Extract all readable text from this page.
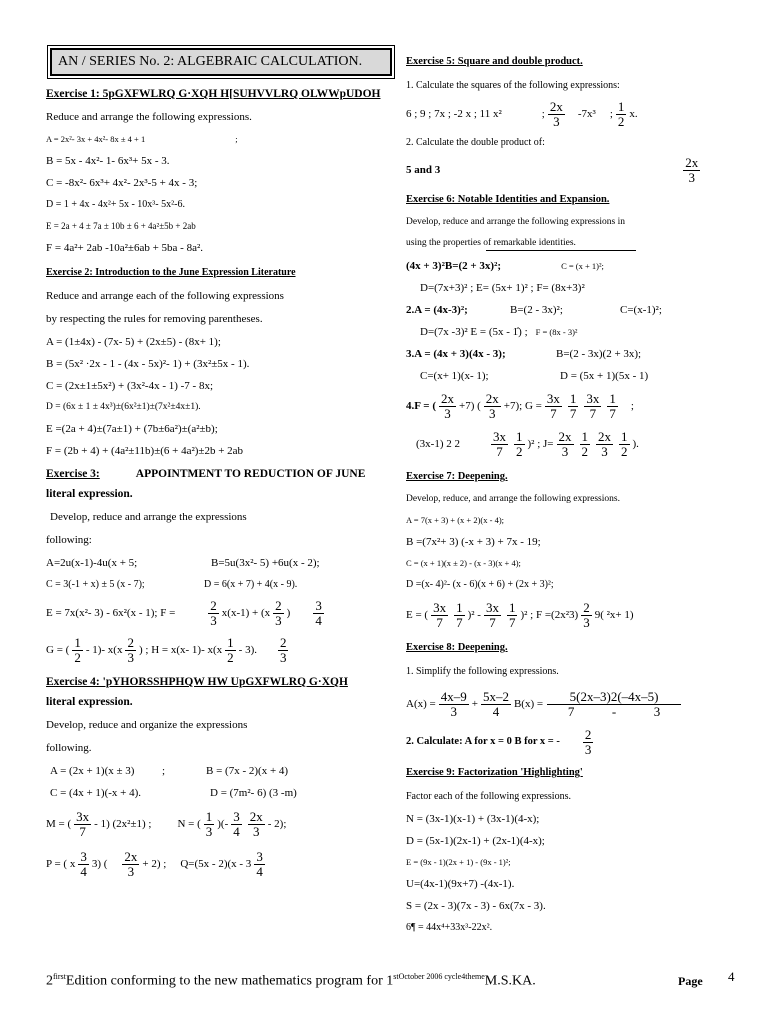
AN / SERIES No. 2: ALGEBRAIC CALCULATION.
Exercise 1: 5pGXFWLRQ G·XQH H[SUHVVLRQ OLWWpUDOH
Reduce and arrange the following expressions.
A = 2x²- 3x + 4x²- 8x ± 4 + 1	;
B = 5x - 4x²- 1- 6x³+ 5x - 3.
C = -8x²- 6x³+ 4x²- 2x³-5 + 4x - 3;
D = 1 + 4x - 4x²+ 5x - 10x³- 5x²-6.
E = 2a + 4 ± 7a ± 10b ± 6 + 4a²±5b + 2ab
F = 4a²+ 2ab -10a²±6ab + 5ba - 8a².
Exercise 2: Introduction to the June Expression Literature
Reduce and arrange each of the following expressions
by respecting the rules for removing parentheses.
A = (1±4x) - (7x- 5) + (2x±5) - (8x+ 1);
B = (5x² ·2x - 1 - (4x - 5x)²- 1) + (3x²±5x - 1).
C = (2x±1±5x²) + (3x²-4x - 1) -7 - 8x;
D = (6x ± 1 ± 4x³)±(6x²±1)±(7x²±4x±1).
E =(2a + 4)±(7a±1) + (7b±6a²)±(a²±b);
F = (2b + 4) + (4a²±11b)±(6 + 4a²)±2b + 2ab
Exercise 3:	APPOINTMENT TO REDUCTION OF JUNE
literal expression.
Develop, reduce and arrange the expressions
following:
A=2u(x-1)-4u(x + 5;	B=5u(3x²- 5) +6u(x - 2);
C = 3(-1 + x) ± 5 (x - 7);	D = 6(x + 7) + 4(x - 9).
E = 7x(x²- 3) - 6x²(x - 1); F =	$\frac{2}{3} x(x-1) + (x \frac{2}{3}$ ) $\frac{3}{4}$
G = ( $\frac{1}{2} - 1)-$ $x(x \frac{2}{3}$ ) ; H = x(x- 1)- $x(x \frac{1}{2} - 3)$. $\frac{2}{3}$
Exercise 4: 'pYHORSSHPHQW HW UpGXFWLRQ G·XQH
literal expression.
Develop, reduce and organize the expressions
following.
A = (2x + 1)(x ± 3)	;	B = (7x - 2)(x + 4)
C = (4x + 1)(-x + 4).	D = (7m²- 6) (3 -m)
M = ( $\frac{3x}{7} - 1$) (2x²±1) ; N = ( $\frac{1}{3}$ )(- $\frac{3}{4} \frac{2x}{3} - 2$);
P = ( x $\frac{3}{4} 3$) ( $\frac{2x}{3} + 2$) ; $Q=(5x - 2)(x - 3 \frac{3}{4}$
Exercise 5: Square and double product.
1. Calculate the squares of the following expressions:
6 ; 9 ; 7x ; -2 x ; 11 x²	; $\frac{2x}{3} -7x^3$ ; $\frac{1}{2} x$.
2. Calculate the double product of:
5 and 3	$\frac{2x}{3}$
Exercise 6: Notable Identities and Expansion.
Develop, reduce and arrange the following expressions in
using the properties of remarkable identities.
(4x + 3)²B=(2 + 3x)²;	C = (x + 1)²;
D=(7x+3)² ; E= (5x+ 1)² ; F= (8x+3)²
2.A = (4x-3)²;	B=(2 - 3x)²;	C=(x-1)²;
D=(7x -3)² E = (5x - 1̂) ; F = (8x - 3)²
3.A = (4x + 3)(4x - 3);	B=(2 - 3x)(2 + 3x);
C=(x+ 1)(x- 1);	D = (5x + 1)(5x - 1)
4.F = ( $\frac{2x}{3} +7$) ( $\frac{2x}{3} +7$); $G = \frac{3x}{7} \frac{1}{7} \frac{3x}{7} \frac{1}{7}$ ;
(3x-1) 2 $2 \frac{3x}{7} \frac{1}{2} )^2$ ; $J= \frac{2x}{3} \frac{1}{2} \frac{2x}{3} \frac{1}{2}$ ).
Exercise 7: Deepening.
Develop, reduce, and arrange the following expressions.
A = 7(x + 3) + (x + 2)(x - 4);
B =(7x²+ 3) (-x + 3) + 7x - 19;
C = (x + 1)(x ± 2) - (x - 3)(x + 4);
D =(x- 4)²- (x - 6)(x + 6) + (2x + 3)²;
E = ( $\frac{3x}{7} \frac{1}{7} )^2 - \frac{3x}{7} \frac{1}{7} )^2$ ; $F =(2x^23) \frac{2}{3} 9$( ²x+ 1)
Exercise 8: Deepening.
1. Simplify the following expressions.
$A(x) = \frac{4x-9}{3} + \frac{5x-2}{4} B(x) = 5(2x-3)2(-4x-5)$
7	-	3
2. Calculate: A for x = 0 B for x = - $\frac{2}{3}$
Exercise 9: Factorization 'Highlighting'
Factor each of the following expressions.
N = (3x-1)(x-1) + (3x-1)(4-x);
D = (5x-1)(2x-1) + (2x-1)(4-x);
E = (9x - 1)(2x + 1) - (9x - 1)²;
U=(4x-1)(9x+7) -(4x-1).
S = (2x - 3)(7x - 3) - 6x(7x - 3).
6¶ = 44x⁴+33x³-22x².
$2^{first}Edition$ conforming to the new mathematics program for $1^{stOctober 2006 cycle4theme}M.S.KA$.	Page 4
